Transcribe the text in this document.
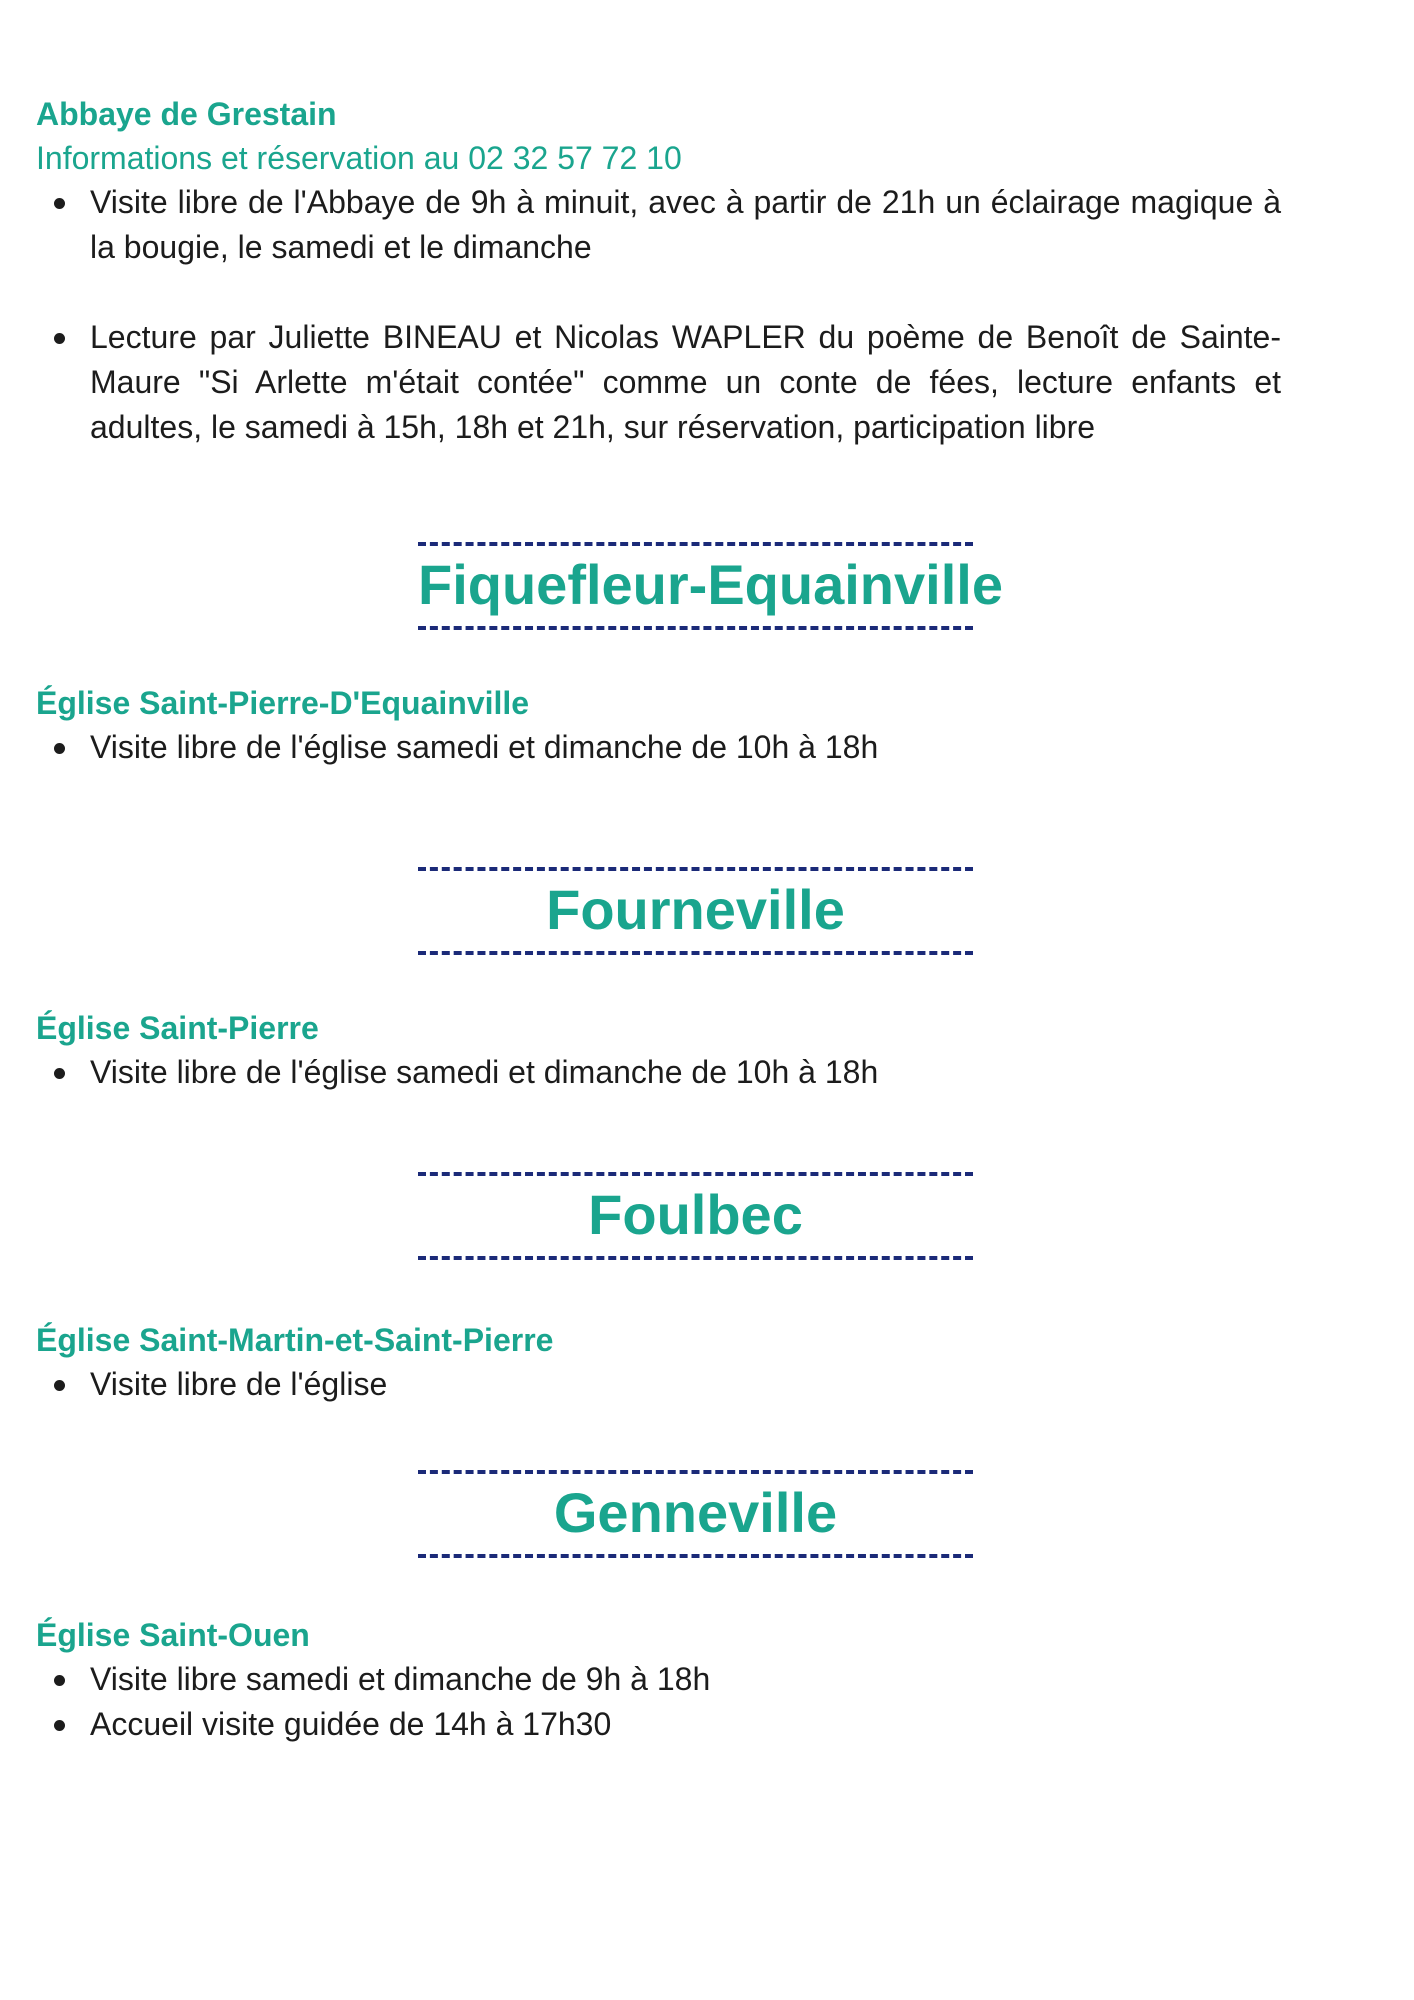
Abbaye de Grestain

Informations et réservation au 02 32 57 72 10

Visite libre de l'Abbaye de 9h à minuit, avec à partir de 21h un éclairage magique à la bougie, le samedi et le dimanche
Lecture par Juliette BINEAU et Nicolas WAPLER du poème de Benoît de Sainte-Maure "Si Arlette m'était contée" comme un conte de fées, lecture enfants et adultes, le samedi à 15h, 18h et 21h, sur réservation, participation libre
Fiquefleur-Equainville

Église Saint-Pierre-D'Equainville

Visite libre de l'église samedi et dimanche de 10h à 18h
Fourneville

Église Saint-Pierre

Visite libre de l'église samedi et dimanche de 10h à 18h
Foulbec

Église Saint-Martin-et-Saint-Pierre

Visite libre de l'église
Genneville

Église Saint-Ouen

Visite libre samedi et dimanche de 9h à 18h
Accueil visite guidée de 14h à 17h30
